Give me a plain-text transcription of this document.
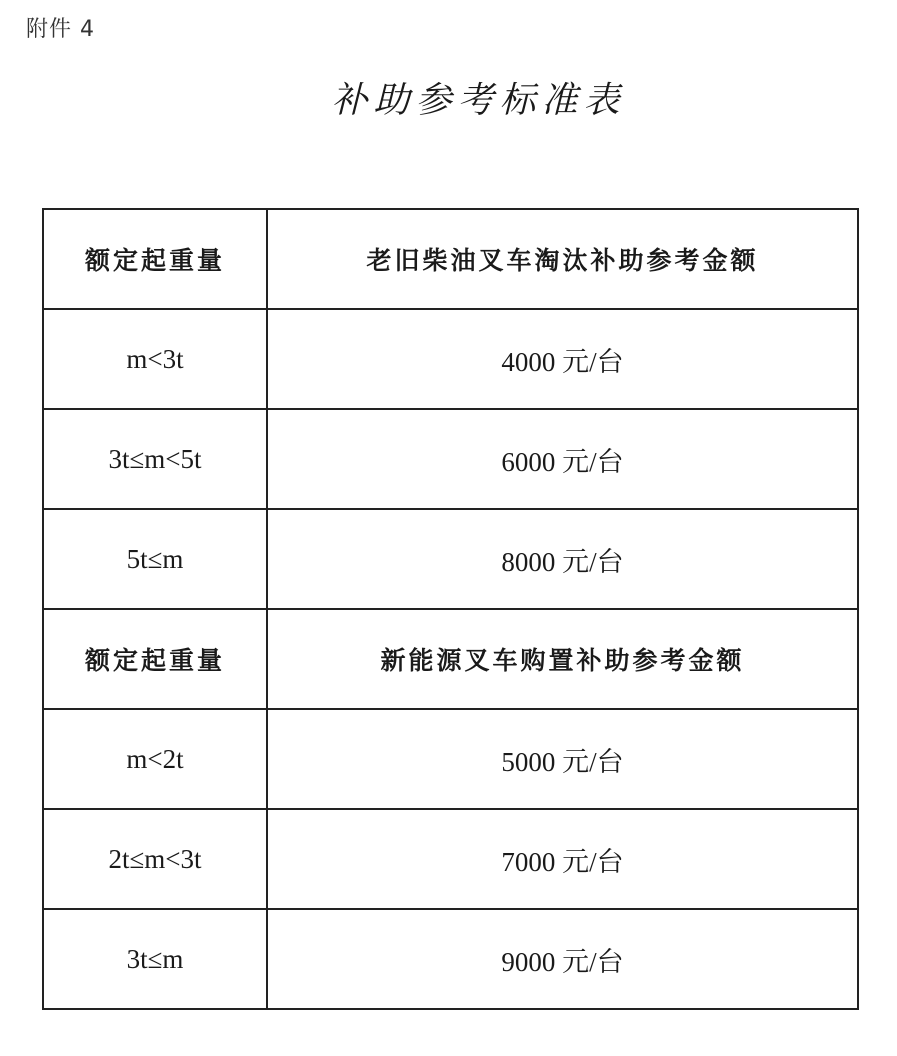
附件 4
补助参考标准表
额定起重量	老旧柴油叉车淘汰补助参考金额
m<3t	4000 元/台
3t≤m<5t	6000 元/台
5t≤m	8000 元/台
额定起重量	新能源叉车购置补助参考金额
m<2t	5000 元/台
2t≤m<3t	7000 元/台
3t≤m	9000 元/台
